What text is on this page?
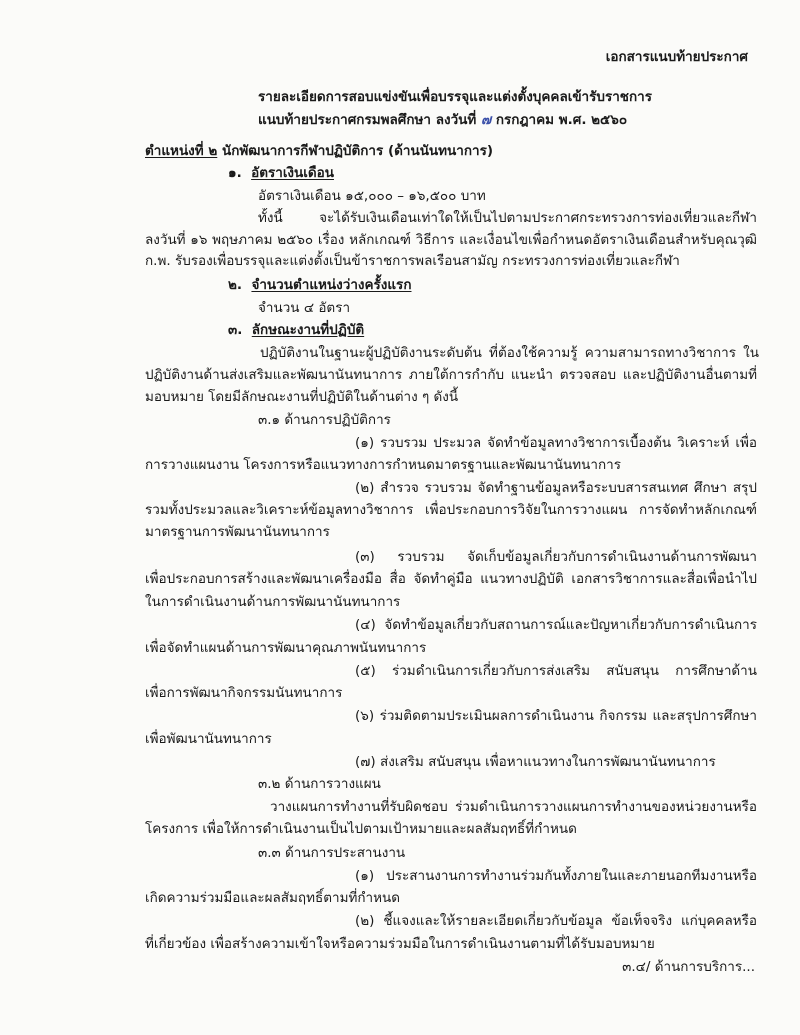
เอกสารแนบท้ายประกาศ
รายละเอียดการสอบแข่งขันเพื่อบรรจุและแต่งตั้งบุคคลเข้ารับราชการ
แนบท้ายประกาศกรมพลศึกษา ลงวันที่ ๗ กรกฎาคม พ.ศ. ๒๕๖๐
ตำแหน่งที่ ๒ นักพัฒนาการกีฬาปฏิบัติการ (ด้านนันทนาการ)
๑. อัตราเงินเดือน
อัตราเงินเดือน ๑๕,๐๐๐ – ๑๖,๕๐๐ บาท
ทั้งนี้ จะได้รับเงินเดือนเท่าใดให้เป็นไปตามประกาศกระทรวงการท่องเที่ยวและกีฬา
ลงวันที่ ๑๖ พฤษภาคม ๒๕๖๐ เรื่อง หลักเกณฑ์ วิธีการ และเงื่อนไขเพื่อกำหนดอัตราเงินเดือนสำหรับคุณวุฒิ
ก.พ. รับรองเพื่อบรรจุและแต่งตั้งเป็นข้าราชการพลเรือนสามัญ กระทรวงการท่องเที่ยวและกีฬา
๒. จำนวนตำแหน่งว่างครั้งแรก
จำนวน ๔ อัตรา
๓. ลักษณะงานที่ปฏิบัติ
ปฏิบัติงานในฐานะผู้ปฏิบัติงานระดับต้น ที่ต้องใช้ความรู้ ความสามารถทางวิชาการ ใน
ปฏิบัติงานด้านส่งเสริมและพัฒนานันทนาการ ภายใต้การกำกับ แนะนำ ตรวจสอบ และปฏิบัติงานอื่นตามที่
มอบหมาย โดยมีลักษณะงานที่ปฏิบัติในด้านต่าง ๆ ดังนี้
๓.๑ ด้านการปฏิบัติการ
(๑) รวบรวม ประมวล จัดทำข้อมูลทางวิชาการเบื้องต้น วิเคราะห์ เพื่อ
การวางแผนงาน โครงการหรือแนวทางการกำหนดมาตรฐานและพัฒนานันทนาการ
(๒) สำรวจ รวบรวม จัดทำฐานข้อมูลหรือระบบสารสนเทศ ศึกษา สรุป
รวมทั้งประมวลและวิเคราะห์ข้อมูลทางวิชาการ เพื่อประกอบการวิจัยในการวางแผน การจัดทำหลักเกณฑ์
มาตรฐานการพัฒนานันทนาการ
(๓) รวบรวม จัดเก็บข้อมูลเกี่ยวกับการดำเนินงานด้านการพัฒนา
เพื่อประกอบการสร้างและพัฒนาเครื่องมือ สื่อ จัดทำคู่มือ แนวทางปฏิบัติ เอกสารวิชาการและสื่อเพื่อนำไป
ในการดำเนินงานด้านการพัฒนานันทนาการ
(๔) จัดทำข้อมูลเกี่ยวกับสถานการณ์และปัญหาเกี่ยวกับการดำเนินการ
เพื่อจัดทำแผนด้านการพัฒนาคุณภาพนันทนาการ
(๕) ร่วมดำเนินการเกี่ยวกับการส่งเสริม สนับสนุน การศึกษาด้าน
เพื่อการพัฒนากิจกรรมนันทนาการ
(๖) ร่วมติดตามประเมินผลการดำเนินงาน กิจกรรม และสรุปการศึกษา
เพื่อพัฒนานันทนาการ
(๗) ส่งเสริม สนับสนุน เพื่อหาแนวทางในการพัฒนานันทนาการ
๓.๒ ด้านการวางแผน
วางแผนการทำงานที่รับผิดชอบ ร่วมดำเนินการวางแผนการทำงานของหน่วยงานหรือ
โครงการ เพื่อให้การดำเนินงานเป็นไปตามเป้าหมายและผลสัมฤทธิ์ที่กำหนด
๓.๓ ด้านการประสานงาน
(๑) ประสานงานการทำงานร่วมกันทั้งภายในและภายนอกทีมงานหรือ
เกิดความร่วมมือและผลสัมฤทธิ์ตามที่กำหนด
(๒) ชี้แจงและให้รายละเอียดเกี่ยวกับข้อมูล ข้อเท็จจริง แก่บุคคลหรือ
ที่เกี่ยวข้อง เพื่อสร้างความเข้าใจหรือความร่วมมือในการดำเนินงานตามที่ได้รับมอบหมาย
๓.๔/ ด้านการบริการ...
